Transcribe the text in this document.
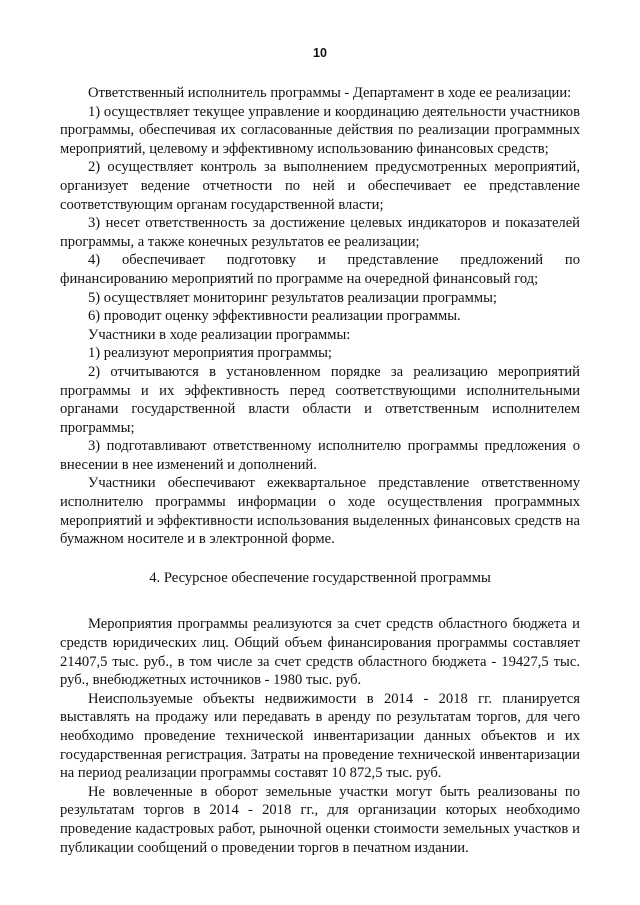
10

Ответственный исполнитель программы - Департамент в ходе ее реализации:

1) осуществляет текущее управление и координацию деятельности участников программы, обеспечивая их согласованные действия по реализации программных мероприятий, целевому и эффективному использованию финансовых средств;

2) осуществляет контроль за выполнением предусмотренных мероприятий, организует ведение отчетности по ней и обеспечивает ее представление соответствующим органам государственной власти;

3) несет ответственность за достижение целевых индикаторов и показателей программы, а также конечных результатов ее реализации;

4) обеспечивает подготовку и представление предложений по финансированию мероприятий по программе на очередной финансовый год;

5) осуществляет мониторинг результатов реализации программы;

6) проводит оценку эффективности реализации программы.

Участники в ходе реализации программы:

1) реализуют мероприятия программы;

2) отчитываются в установленном порядке за реализацию мероприятий программы и их эффективность перед соответствующими исполнительными органами государственной власти области и ответственным исполнителем программы;

3) подготавливают ответственному исполнителю программы предложения о внесении в нее изменений и дополнений.

Участники обеспечивают ежеквартальное представление ответственному исполнителю программы информации о ходе осуществления программных мероприятий и эффективности использования выделенных финансовых средств на бумажном носителе и в электронной форме.

4. Ресурсное обеспечение государственной программы

Мероприятия программы реализуются за счет средств областного бюджета и средств юридических лиц. Общий объем финансирования программы составляет 21407,5 тыс. руб., в том числе за счет средств областного бюджета - 19427,5 тыс. руб., внебюджетных источников - 1980 тыс. руб.

Неиспользуемые объекты недвижимости в 2014 - 2018 гг. планируется выставлять на продажу или передавать в аренду по результатам торгов, для чего необходимо проведение технической инвентаризации данных объектов и их государственная регистрация. Затраты на проведение технической инвентаризации на период реализации программы составят 10 872,5 тыс. руб.

Не вовлеченные в оборот земельные участки могут быть реализованы по результатам торгов в 2014 - 2018 гг., для организации которых необходимо проведение кадастровых работ, рыночной оценки стоимости земельных участков и публикации сообщений о проведении торгов в печатном издании.
